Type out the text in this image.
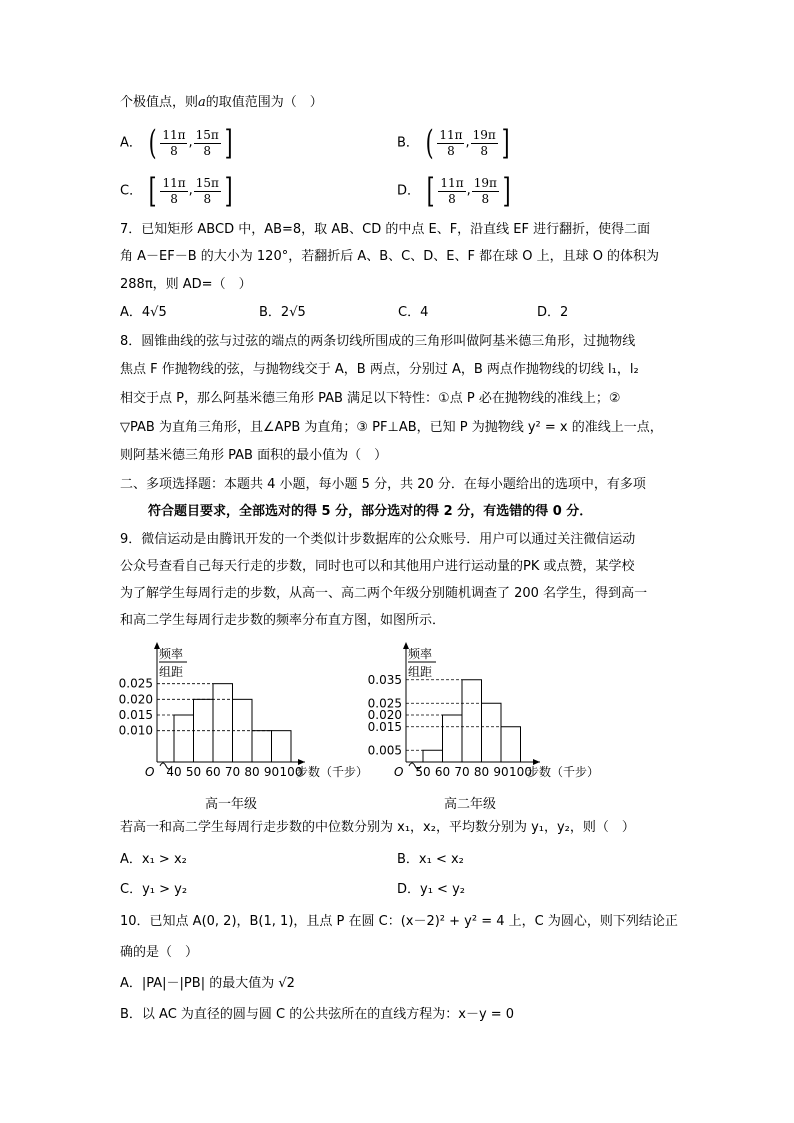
个极值点，则a的取值范围为（　）
A． ( $\frac{11\pi}{8}$ , $\frac{15\pi}{8}$ ]	B． ( $\frac{11\pi}{8}$ , $\frac{19\pi}{8}$ ]
C． [ $\frac{11\pi}{8}$ , $\frac{15\pi}{8}$ ]	D． [ $\frac{11\pi}{8}$ , $\frac{19\pi}{8}$ ]
7．已知矩形 ABCD 中，AB=8，取 AB、CD 的中点 E、F，沿直线 EF 进行翻折，使得二面
角 A－EF－B 的大小为 120°，若翻折后 A、B、C、D、E、F 都在球 O 上，且球 O 的体积为
288π，则 AD=（　）
A．4√5	B．2√5	C．4	D．2
8．圆锥曲线的弦与过弦的端点的两条切线所围成的三角形叫做阿基米德三角形，过抛物线
焦点 F 作抛物线的弦，与抛物线交于 A，B 两点，分别过 A，B 两点作抛物线的切线 l₁，l₂
相交于点 P，那么阿基米德三角形 PAB 满足以下特性：①点 P 必在抛物线的准线上；②
▽PAB 为直角三角形，且∠APB 为直角；③ PF⊥AB，已知 P 为抛物线 y² = x 的准线上一点，
则阿基米德三角形 PAB 面积的最小值为（　）
二、多项选择题：本题共 4 小题，每小题 5 分，共 20 分．在每小题给出的选项中，有多项
符合题目要求，全部选对的得 5 分，部分选对的得 2 分，有选错的得 0 分．
9．微信运动是由腾讯开发的一个类似计步数据库的公众账号．用户可以通过关注微信运动
公众号查看自己每天行走的步数，同时也可以和其他用户进行运动量的PK 或点赞，某学校
为了解学生每周行走的步数，从高一、高二两个年级分别随机调查了 200 名学生，得到高一
和高二学生每周行走步数的频率分布直方图，如图所示．
频率
组距
0.025
0.020
0.015
0.010
40 50 60 70 80 90 100
O	步数（千步）
高一年级
频率
组距
0.035
0.025
0.020
0.015
0.005
50 60 70 80 90 100
O	步数（千步）
高二年级
若高一和高二学生每周行走步数的中位数分别为 x₁，x₂，平均数分别为 y₁，y₂，则（　）
A．x₁ > x₂	B．x₁ < x₂
C．y₁ > y₂	D．y₁ < y₂
10．已知点 A(0, 2)，B(1, 1)，且点 P 在圆 C：(x－2)² + y² = 4 上，C 为圆心，则下列结论正
确的是（　）
A．|PA|－|PB| 的最大值为 √2
B．以 AC 为直径的圆与圆 C 的公共弦所在的直线方程为：x－y = 0
